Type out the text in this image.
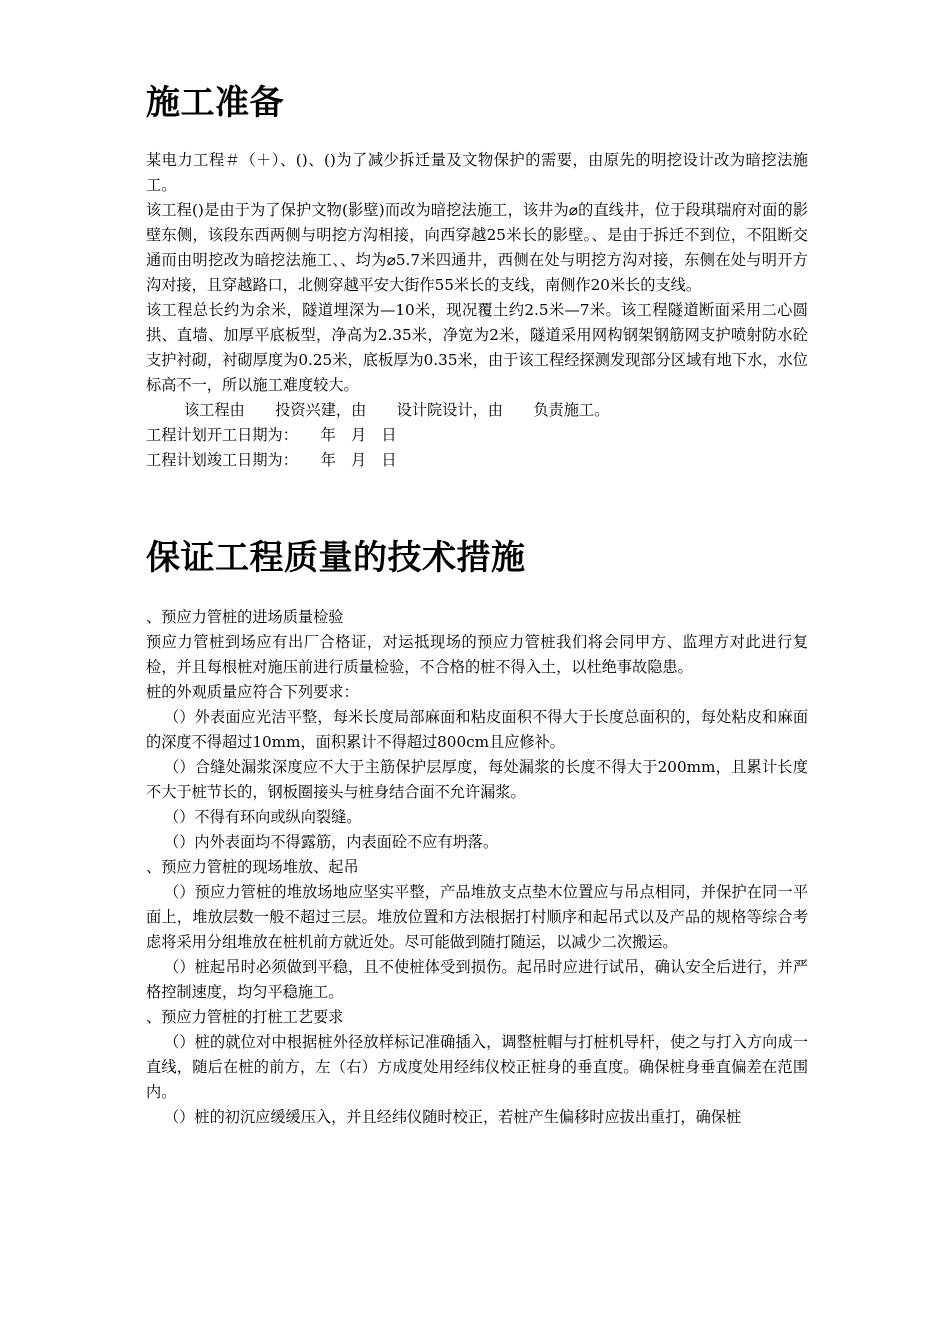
施工准备

某电力工程＃（＋）、()、()为了减少拆迁量及文物保护的需要，由原先的明挖设计改为暗挖法施工。

该工程()是由于为了保护文物(影壁)而改为暗挖法施工，该井为⌀的直线井，位于段琪瑞府对面的影壁东侧，该段东西两侧与明挖方沟相接，向西穿越25米长的影壁。、是由于拆迁不到位，不阻断交通而由明挖改为暗挖法施工、、均为⌀5.7米四通井，西侧在处与明挖方沟对接，东侧在处与明开方沟对接，且穿越路口，北侧穿越平安大街作55米长的支线，南侧作20米长的支线。

该工程总长约为余米，隧道埋深为—10米，现况覆土约2.5米—7米。该工程隧道断面采用二心圆拱、直墙、加厚平底板型，净高为2.35米，净宽为2米，隧道采用网构钢架钢筋网支护喷射防水砼支护衬砌，衬砌厚度为0.25米，底板厚为0.35米，由于该工程经探测发现部分区域有地下水，水位标高不一，所以施工难度较大。

该工程由　　投资兴建，由　　设计院设计，由　　负责施工。

工程计划开工日期为：　　年　月　日

工程计划竣工日期为：　　年　月　日

保证工程质量的技术措施

、预应力管桩的进场质量检验

预应力管桩到场应有出厂合格证，对运抵现场的预应力管桩我们将会同甲方、监理方对此进行复检，并且每根桩对施压前进行质量检验，不合格的桩不得入土，以杜绝事故隐患。

桩的外观质量应符合下列要求：

（）外表面应光洁平整，每米长度局部麻面和粘皮面积不得大于长度总面积的，每处粘皮和麻面的深度不得超过10mm，面积累计不得超过800cm且应修补。

（）合缝处漏浆深度应不大于主筋保护层厚度，每处漏浆的长度不得大于200mm，且累计长度不大于桩节长的，钢板圈接头与桩身结合面不允许漏浆。

（）不得有环向或纵向裂缝。

（）内外表面均不得露筋，内表面砼不应有坍落。

、预应力管桩的现场堆放、起吊

（）预应力管桩的堆放场地应坚实平整，产品堆放支点垫木位置应与吊点相同，并保护在同一平面上，堆放层数一般不超过三层。堆放位置和方法根据打村顺序和起吊式以及产品的规格等综合考虑将采用分组堆放在桩机前方就近处。尽可能做到随打随运，以减少二次搬运。

（）桩起吊时必须做到平稳，且不使桩体受到损伤。起吊时应进行试吊，确认安全后进行，并严格控制速度，均匀平稳施工。

、预应力管桩的打桩工艺要求

（）桩的就位对中根据桩外径放样标记准确插入，调整桩帽与打桩机导杆，使之与打入方向成一直线，随后在桩的前方，左（右）方成度处用经纬仪校正桩身的垂直度。确保桩身垂直偏差在范围内。

（）桩的初沉应缓缓压入，并且经纬仪随时校正，若桩产生偏移时应拔出重打，确保桩
